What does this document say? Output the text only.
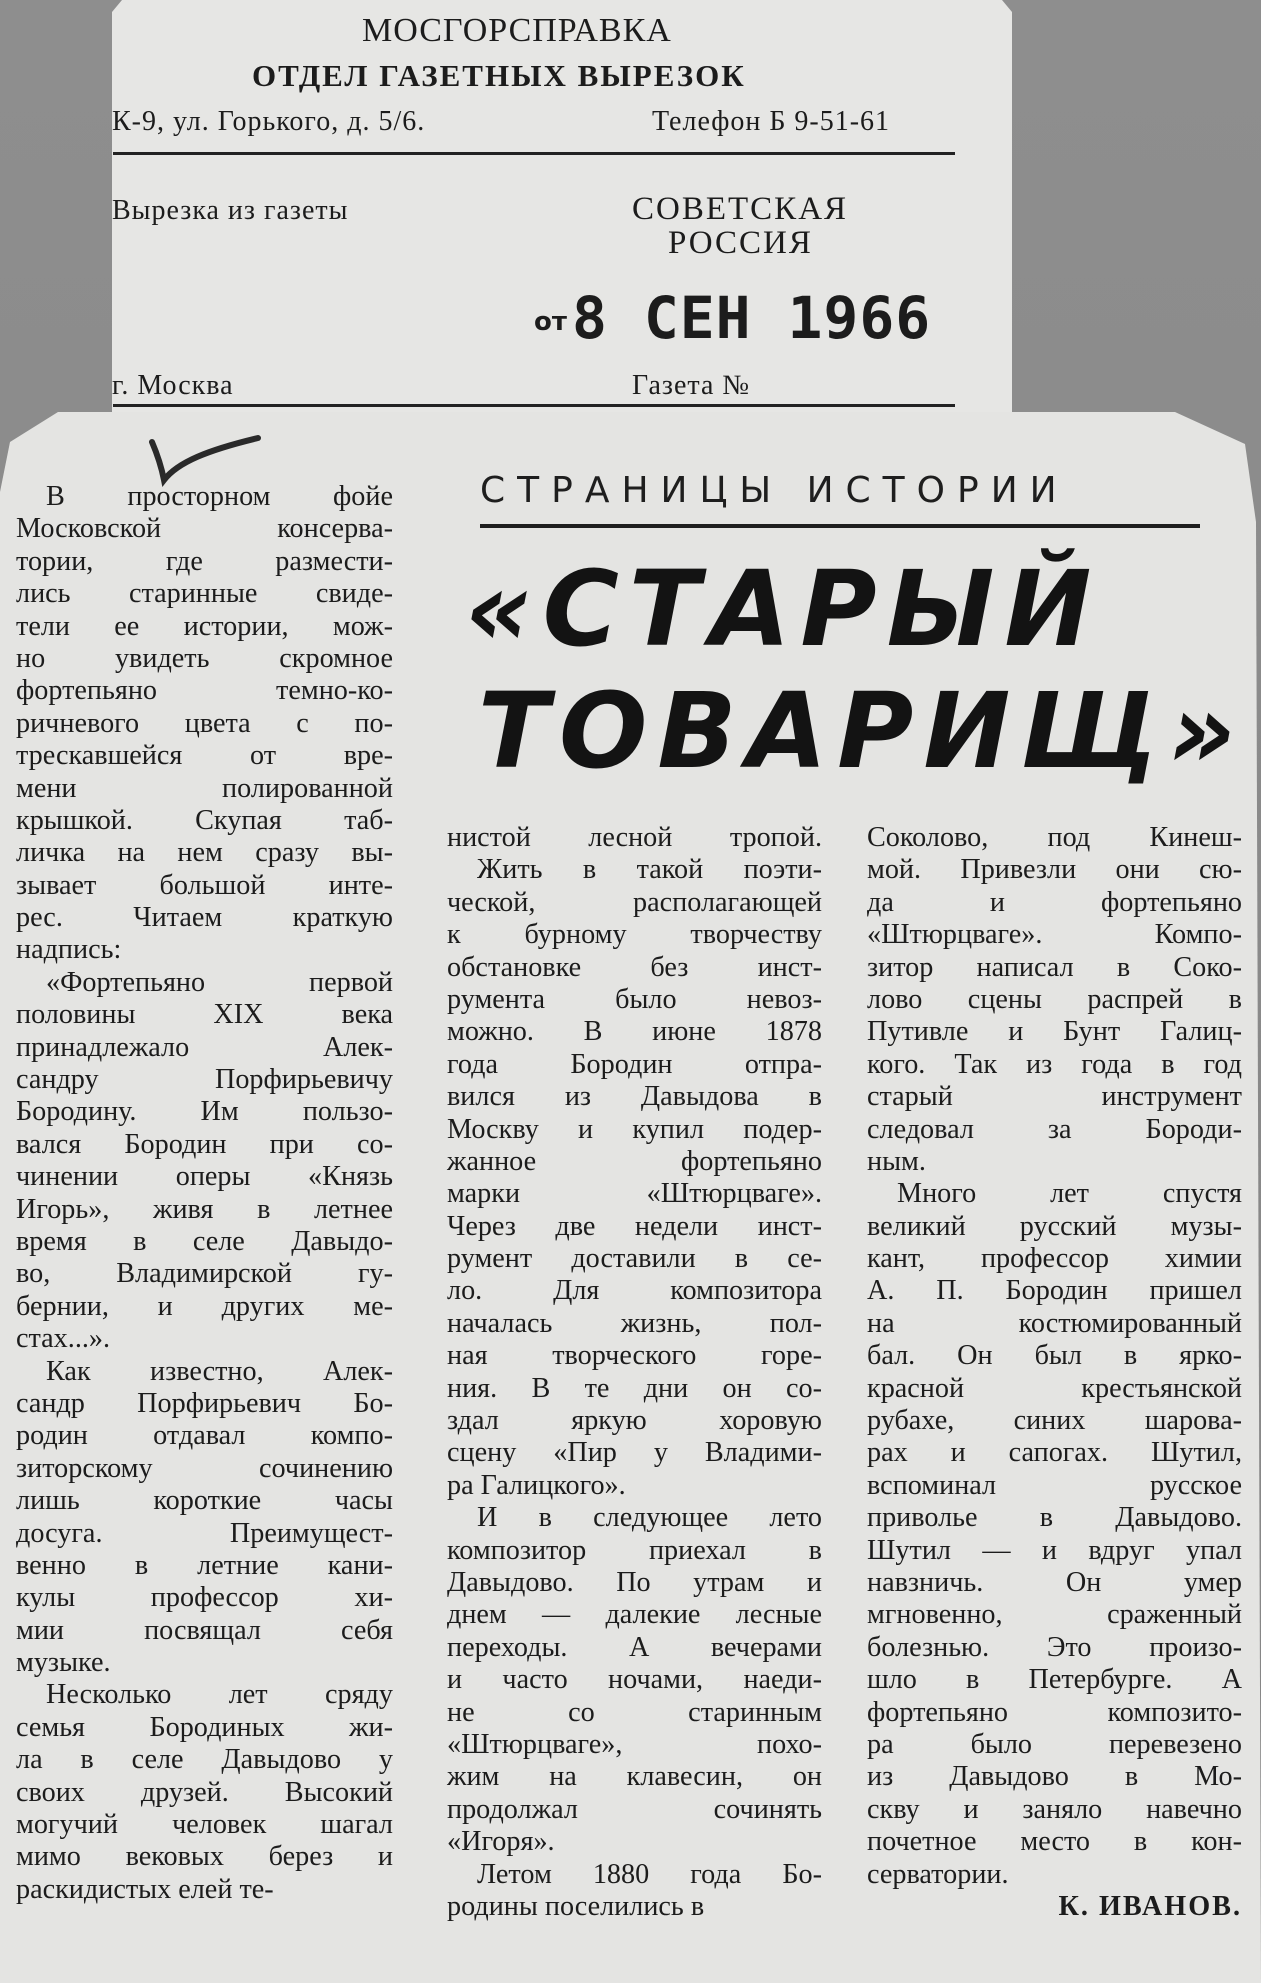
МОСГОРСПРАВКА
ОТДЕЛ ГАЗЕТНЫХ ВЫРЕЗОК
К-9, ул. Горького, д. 5/6.	Телефон Б 9-51-61
Вырезка из газеты	СОВЕТСКАЯ
РОССИЯ
от 8 СЕН 1966
г. Москва	Газета №
СТРАНИЦЫ ИСТОРИИ
«СТАРЫЙ
ТОВАРИЩ»

В просторном фойе

Московской консерва-

тории, где размести-

лись старинные свиде-

тели ее истории, мож-

но увидеть скромное

фортепьяно темно-ко-

ричневого цвета с по-

трескавшейся от вре-

мени полированной

крышкой. Скупая таб-

личка на нем сразу вы-

зывает большой инте-

рес. Читаем краткую

надпись:

«Фортепьяно первой

половины XIX века

принадлежало Алек-

сандру Порфирьевичу

Бородину. Им пользо-

вался Бородин при со-

чинении оперы «Князь

Игорь», живя в летнее

время в селе Давыдо-

во, Владимирской гу-

бернии, и других ме-

стах...».

Как известно, Алек-

сандр Порфирьевич Бо-

родин отдавал компо-

зиторскому сочинению

лишь короткие часы

досуга. Преимущест-

венно в летние кани-

кулы профессор хи-

мии посвящал себя

музыке.

Несколько лет сряду

семья Бородиных жи-

ла в селе Давыдово у

своих друзей. Высокий

могучий человек шагал

мимо вековых берез и

раскидистых елей те-

нистой лесной тропой.

Жить в такой поэти-

ческой, располагающей

к бурному творчеству

обстановке без инст-

румента было невоз-

можно. В июне 1878

года Бородин отпра-

вился из Давыдова в

Москву и купил подер-

жанное фортепьяно

марки «Штюрцваге».

Через две недели инст-

румент доставили в се-

ло. Для композитора

началась жизнь, пол-

ная творческого горе-

ния. В те дни он со-

здал яркую хоровую

сцену «Пир у Владими-

ра Галицкого».

И в следующее лето

композитор приехал в

Давыдово. По утрам и

днем — далекие лесные

переходы. А вечерами

и часто ночами, наеди-

не со старинным

«Штюрцваге», похо-

жим на клавесин, он

продолжал сочинять

«Игоря».

Летом 1880 года Бо-

родины поселились в

Соколово, под Кинеш-

мой. Привезли они сю-

да и фортепьяно

«Штюрцваге». Компо-

зитор написал в Соко-

лово сцены распрей в

Путивле и Бунт Галиц-

кого. Так из года в год

старый инструмент

следовал за Бороди-

ным.

Много лет спустя

великий русский музы-

кант, профессор химии

А. П. Бородин пришел

на костюмированный

бал. Он был в ярко-

красной крестьянской

рубахе, синих шарова-

рах и сапогах. Шутил,

вспоминал русское

приволье в Давыдово.

Шутил — и вдруг упал

навзничь. Он умер

мгновенно, сраженный

болезнью. Это произо-

шло в Петербурге. А

фортепьяно композито-

ра было перевезено

из Давыдово в Мо-

скву и заняло навечно

почетное место в кон-

серватории.

К. ИВАНОВ.
